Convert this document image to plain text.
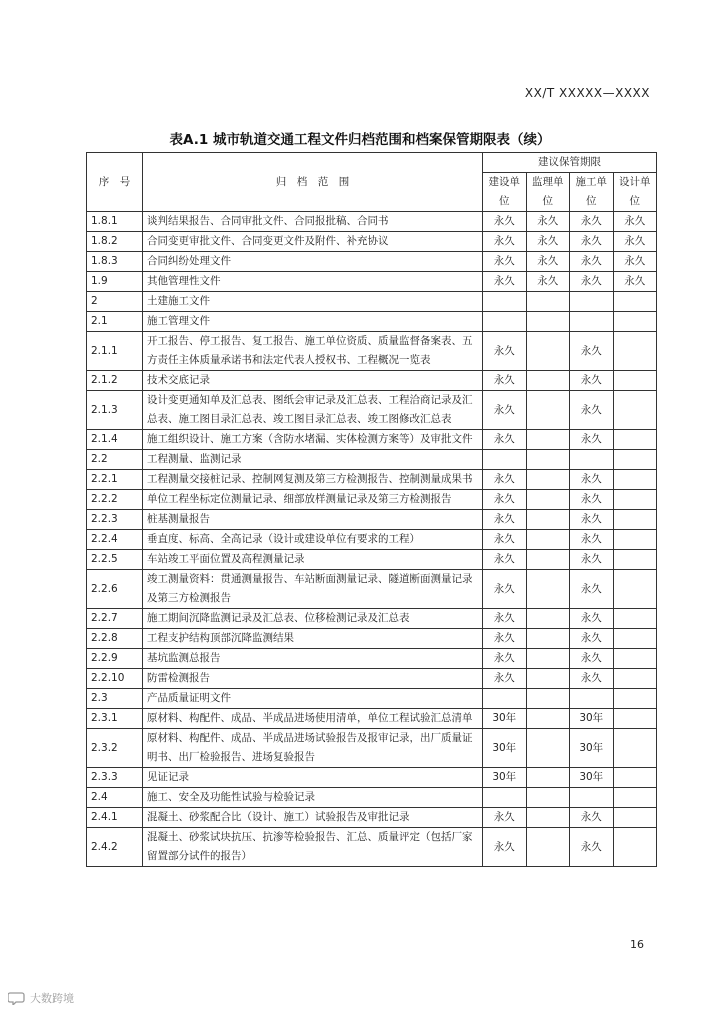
XX/T XXXXX—XXXX
表A.1 城市轨道交通工程文件归档范围和档案保管期限表（续）
序　号	归　档　范　围	建议保管期限			
		建设单位	监理单位	施工单位	设计单位
1.8.1	谈判结果报告、合同审批文件、合同报批稿、合同书	永久	永久	永久	永久
1.8.2	合同变更审批文件、合同变更文件及附件、补充协议	永久	永久	永久	永久
1.8.3	合同纠纷处理文件	永久	永久	永久	永久
1.9	其他管理性文件	永久	永久	永久	永久
2	土建施工文件				
2.1	施工管理文件				
2.1.1	开工报告、停工报告、复工报告、施工单位资质、质量监督备案表、五方责任主体质量承诺书和法定代表人授权书、工程概况一览表	永久		永久	
2.1.2	技术交底记录	永久		永久	
2.1.3	设计变更通知单及汇总表、图纸会审记录及汇总表、工程洽商记录及汇总表、施工图目录汇总表、竣工图目录汇总表、竣工图修改汇总表	永久		永久	
2.1.4	施工组织设计、施工方案（含防水堵漏、实体检测方案等）及审批文件	永久		永久	
2.2	工程测量、监测记录				
2.2.1	工程测量交接桩记录、控制网复测及第三方检测报告、控制测量成果书	永久		永久	
2.2.2	单位工程坐标定位测量记录、细部放样测量记录及第三方检测报告	永久		永久	
2.2.3	桩基测量报告	永久		永久	
2.2.4	垂直度、标高、全高记录（设计或建设单位有要求的工程）	永久		永久	
2.2.5	车站竣工平面位置及高程测量记录	永久		永久	
2.2.6	竣工测量资料：贯通测量报告、车站断面测量记录、隧道断面测量记录及第三方检测报告	永久		永久	
2.2.7	施工期间沉降监测记录及汇总表、位移检测记录及汇总表	永久		永久	
2.2.8	工程支护结构顶部沉降监测结果	永久		永久	
2.2.9	基坑监测总报告	永久		永久	
2.2.10	防雷检测报告	永久		永久	
2.3	产品质量证明文件				
2.3.1	原材料、构配件、成品、半成品进场使用清单，单位工程试验汇总清单	30年		30年	
2.3.2	原材料、构配件、成品、半成品进场试验报告及报审记录，出厂质量证明书、出厂检验报告、进场复验报告	30年		30年	
2.3.3	见证记录	30年		30年	
2.4	施工、安全及功能性试验与检验记录				
2.4.1	混凝土、砂浆配合比（设计、施工）试验报告及审批记录	永久		永久	
2.4.2	混凝土、砂浆试块抗压、抗渗等检验报告、汇总、质量评定（包括厂家留置部分试件的报告）	永久		永久	
16
大数跨境
